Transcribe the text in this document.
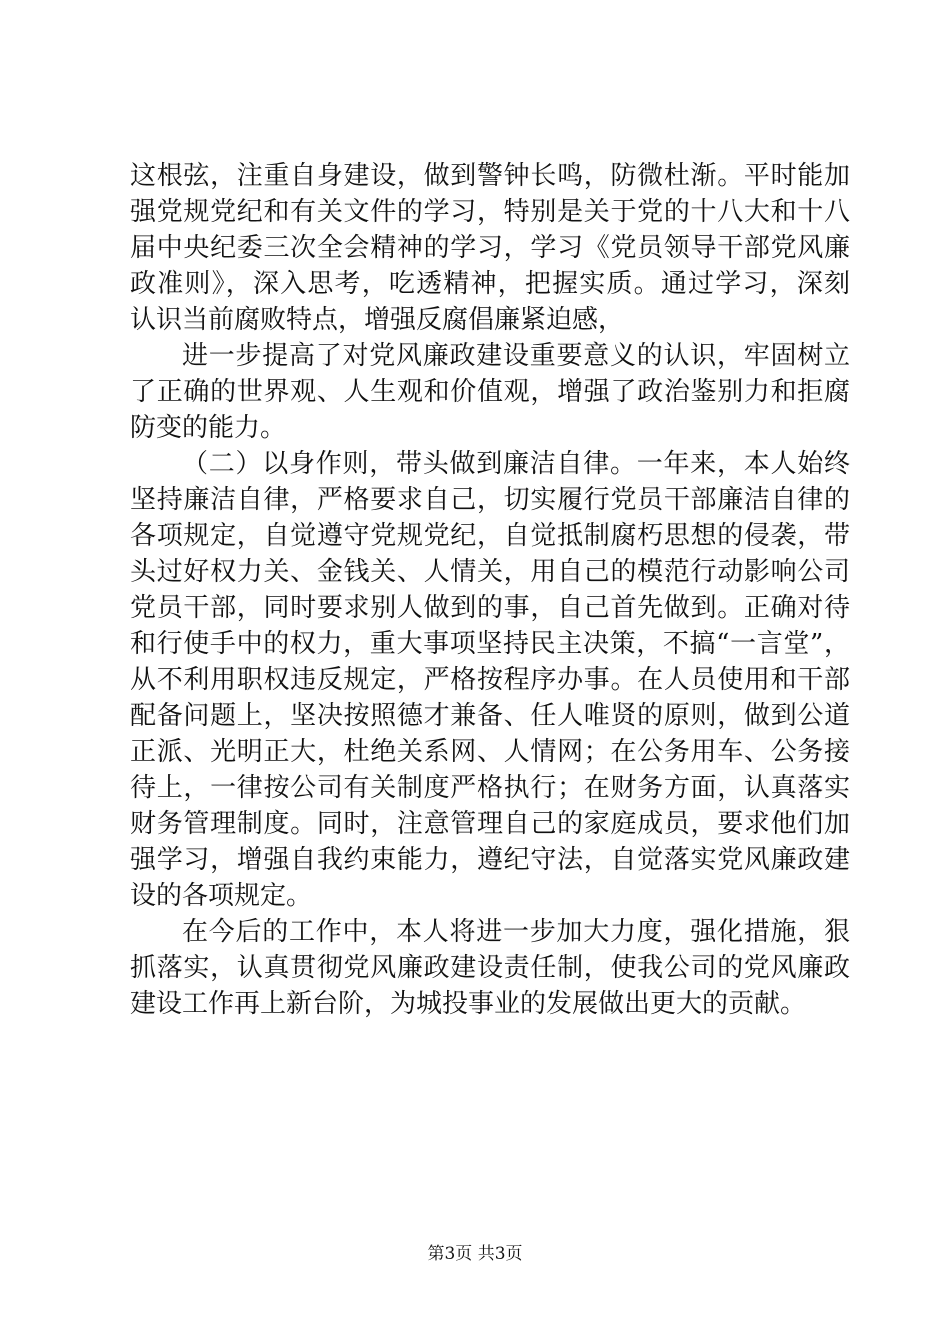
这根弦，注重自身建设，做到警钟长鸣，防微杜渐。平时能加
强党规党纪和有关文件的学习，特别是关于党的十八大和十八
届中央纪委三次全会精神的学习，学习《党员领导干部党风廉
政准则》，深入思考，吃透精神，把握实质。通过学习，深刻
认识当前腐败特点，增强反腐倡廉紧迫感，
进一步提高了对党风廉政建设重要意义的认识，牢固树立
了正确的世界观、人生观和价值观，增强了政治鉴别力和拒腐
防变的能力。
（二）以身作则，带头做到廉洁自律。一年来，本人始终
坚持廉洁自律，严格要求自己，切实履行党员干部廉洁自律的
各项规定，自觉遵守党规党纪，自觉抵制腐朽思想的侵袭，带
头过好权力关、金钱关、人情关，用自己的模范行动影响公司
党员干部，同时要求别人做到的事，自己首先做到。正确对待
和行使手中的权力，重大事项坚持民主决策，不搞“一言堂”，
从不利用职权违反规定，严格按程序办事。在人员使用和干部
配备问题上，坚决按照德才兼备、任人唯贤的原则，做到公道
正派、光明正大，杜绝关系网、人情网；在公务用车、公务接
待上，一律按公司有关制度严格执行；在财务方面，认真落实
财务管理制度。同时，注意管理自己的家庭成员，要求他们加
强学习，增强自我约束能力，遵纪守法，自觉落实党风廉政建
设的各项规定。
在今后的工作中，本人将进一步加大力度，强化措施，狠
抓落实，认真贯彻党风廉政建设责任制，使我公司的党风廉政
建设工作再上新台阶，为城投事业的发展做出更大的贡献。
第3页 共3页
